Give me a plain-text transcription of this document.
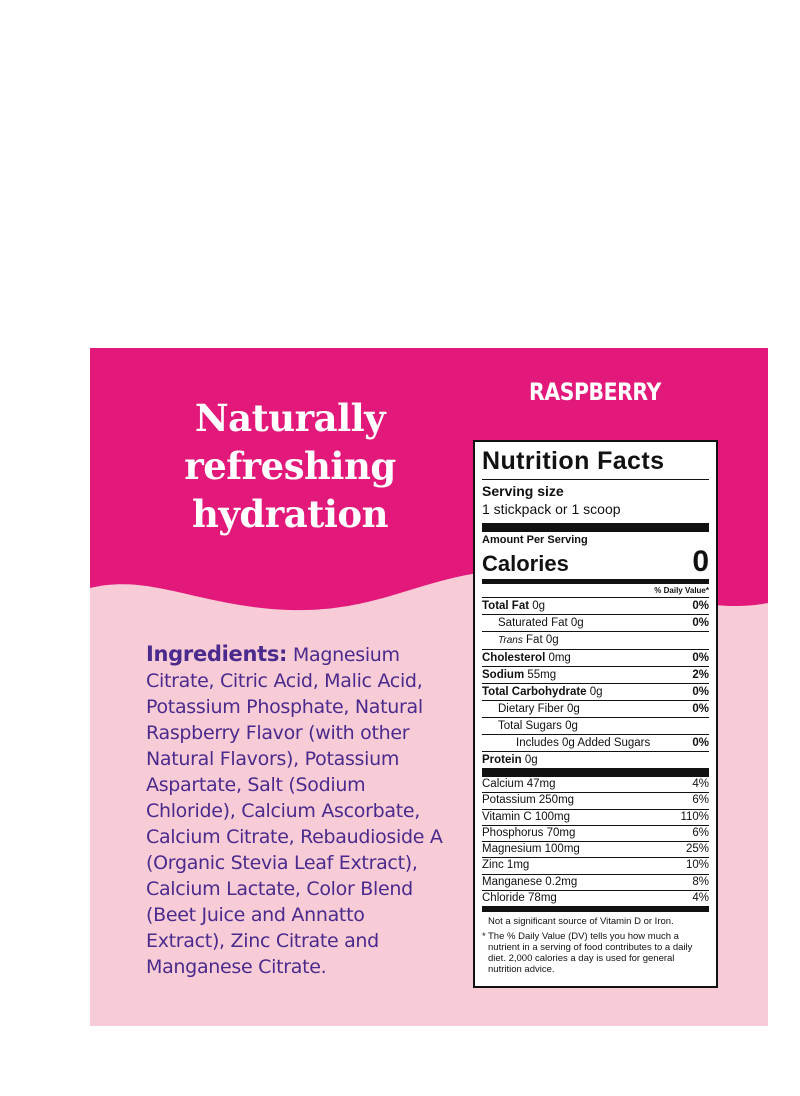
Naturally
refreshing
hydration
RASPBERRY
Ingredients: Magnesium Citrate, Citric Acid, Malic Acid, Potassium Phosphate, Natural Raspberry Flavor (with other Natural Flavors), Potassium Aspartate, Salt (Sodium Chloride), Calcium Ascorbate, Calcium Citrate, Rebaudioside A (Organic Stevia Leaf Extract), Calcium Lactate, Color Blend (Beet Juice and Annatto Extract), Zinc Citrate and Manganese Citrate.
Nutrition Facts
Serving size
1 stickpack or 1 scoop
Amount Per Serving
Calories	0
% Daily Value*
Total Fat 0g	0%
Saturated Fat 0g	0%
Trans Fat 0g
Cholesterol 0mg	0%
Sodium 55mg	2%
Total Carbohydrate 0g	0%
Dietary Fiber 0g	0%
Total Sugars 0g
Includes 0g Added Sugars	0%
Protein 0g
Calcium 47mg	4%
Potassium 250mg	6%
Vitamin C 100mg	110%
Phosphorus 70mg	6%
Magnesium 100mg	25%
Zinc 1mg	10%
Manganese 0.2mg	8%
Chloride 78mg	4%
Not a significant source of Vitamin D or Iron.
* The % Daily Value (DV) tells you how much a nutrient in a serving of food contributes to a daily diet. 2,000 calories a day is used for general nutrition advice.
